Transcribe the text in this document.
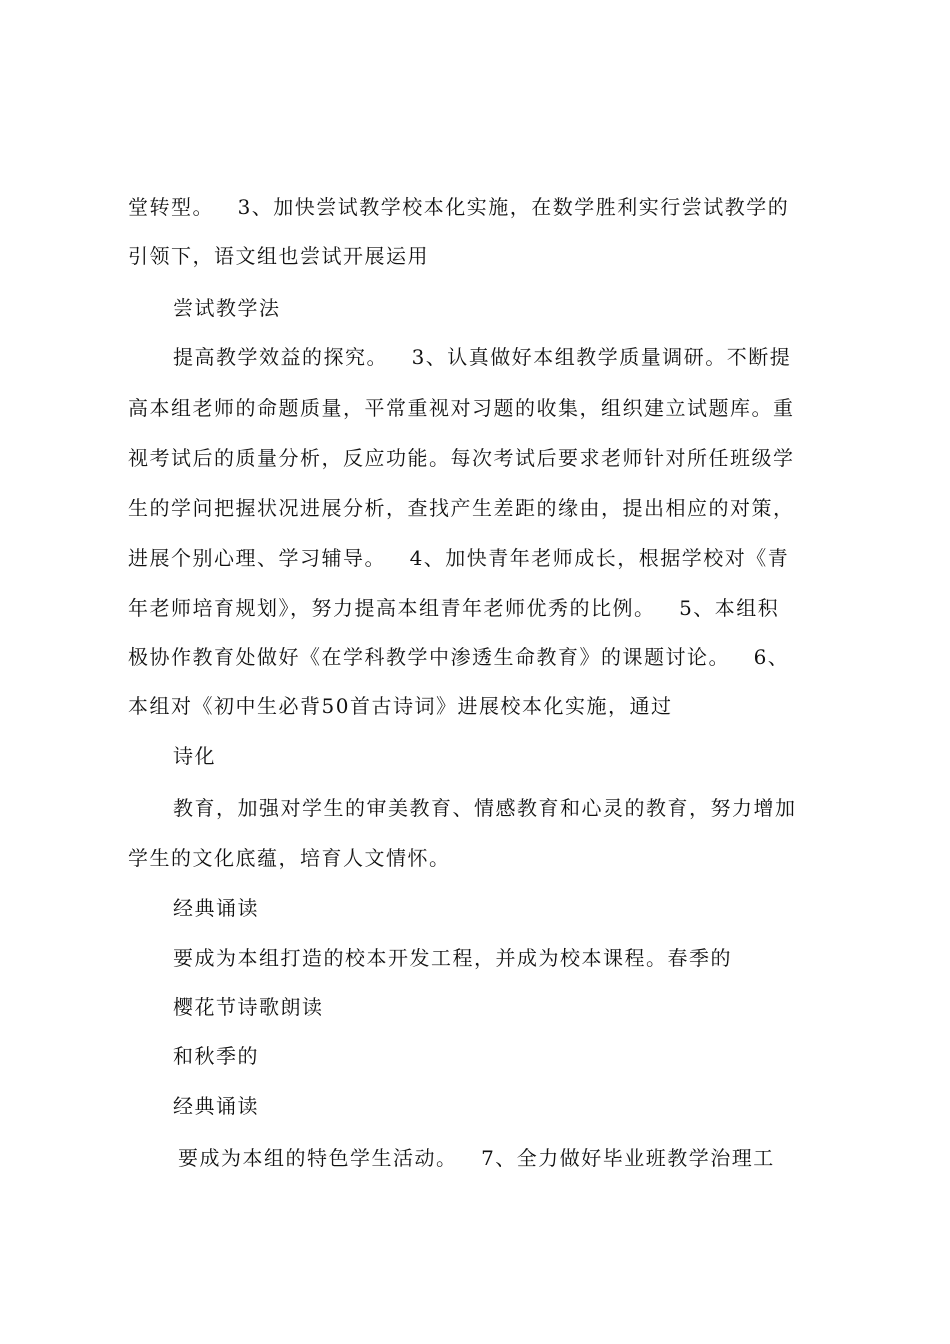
堂转型。   3、加快尝试教学校本化实施，在数学胜利实行尝试教学的
引领下，语文组也尝试开展运用
尝试教学法
提高教学效益的探究。   3、认真做好本组教学质量调研。不断提
高本组老师的命题质量，平常重视对习题的收集，组织建立试题库。重
视考试后的质量分析，反应功能。每次考试后要求老师针对所任班级学
生的学问把握状况进展分析，查找产生差距的缘由，提出相应的对策，
进展个别心理、学习辅导。   4、加快青年老师成长，根据学校对《青
年老师培育规划》，努力提高本组青年老师优秀的比例。   5、本组积
极协作教育处做好《在学科教学中渗透生命教育》的课题讨论。   6、
本组对《初中生必背50首古诗词》进展校本化实施，通过
诗化
教育，加强对学生的审美教育、情感教育和心灵的教育，努力增加
学生的文化底蕴，培育人文情怀。
经典诵读
要成为本组打造的校本开发工程，并成为校本课程。春季的
樱花节诗歌朗读
和秋季的
经典诵读
要成为本组的特色学生活动。   7、全力做好毕业班教学治理工
